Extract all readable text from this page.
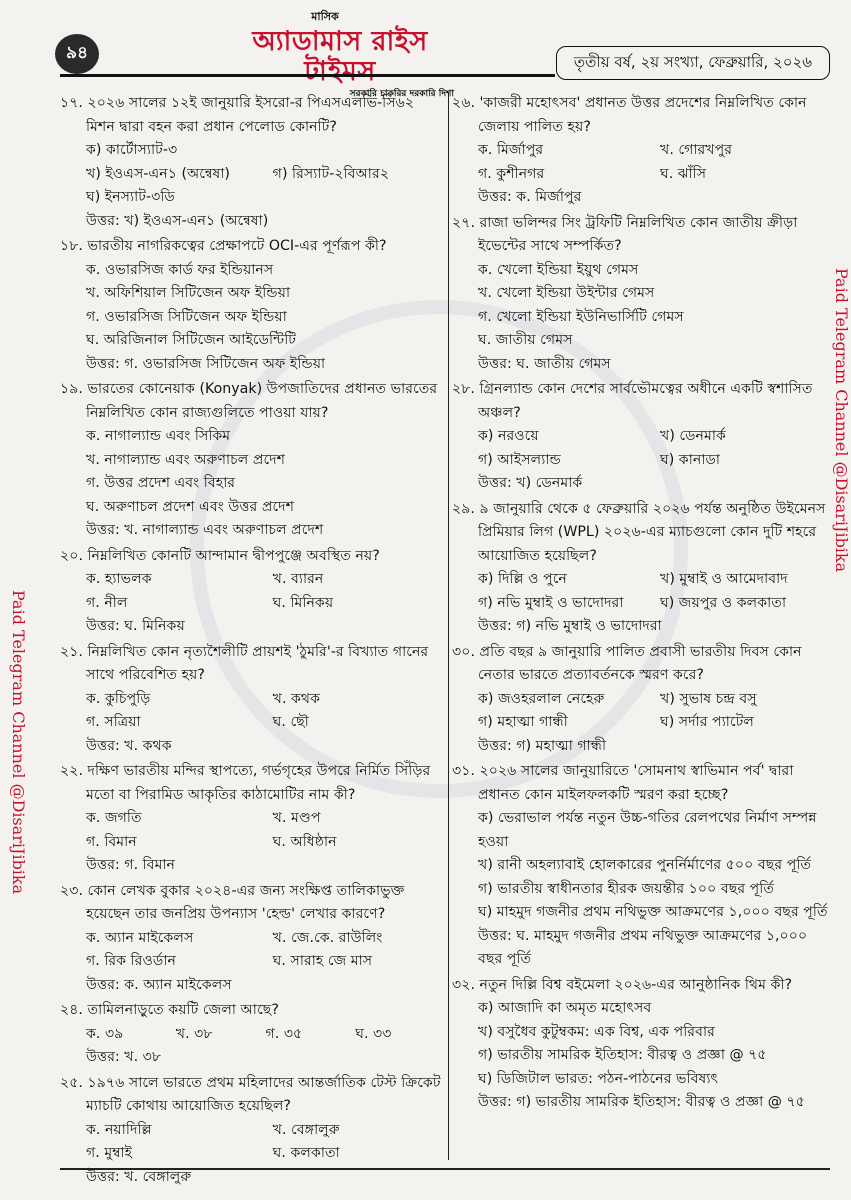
৯৪
মাসিক
অ্যাডামাস রাইস টাইমস
সরকারি চাকরির দরকারি দিশা
তৃতীয় বর্ষ, ২য় সংখ্যা, ফেব্রুয়ারি, ২০২৬
১৭. ২০২৬ সালের ১২ই জানুয়ারি ইসরো-র পিএসএলভি-সি৬২ মিশন দ্বারা বহন করা প্রধান পেলোড কোনটি?
ক) কার্টোস্যাট-৩
খ) ইওএস-এন১ (অন্বেষা)	গ) রিস্যাট-২বিআর২
ঘ) ইনস্যাট-৩ডি
উত্তর: খ) ইওএস-এন১ (অন্বেষা)
১৮. ভারতীয় নাগরিকত্বের প্রেক্ষাপটে OCI-এর পূর্ণরূপ কী?
ক. ওভারসিজ কার্ড ফর ইন্ডিয়ানস
খ. অফিশিয়াল সিটিজেন অফ ইন্ডিয়া
গ. ওভারসিজ সিটিজেন অফ ইন্ডিয়া
ঘ. অরিজিনাল সিটিজেন আইডেন্টিটি
উত্তর: গ. ওভারসিজ সিটিজেন অফ ইন্ডিয়া
১৯. ভারতের কোনেয়াক (Konyak) উপজাতিদের প্রধানত ভারতের নিম্নলিখিত কোন রাজ্যগুলিতে পাওয়া যায়?
ক. নাগাল্যান্ড এবং সিকিম
খ. নাগাল্যান্ড এবং অরুণাচল প্রদেশ
গ. উত্তর প্রদেশ এবং বিহার
ঘ. অরুণাচল প্রদেশ এবং উত্তর প্রদেশ
উত্তর: খ. নাগাল্যান্ড এবং অরুণাচল প্রদেশ
২০. নিম্নলিখিত কোনটি আন্দামান দ্বীপপুঞ্জে অবস্থিত নয়?
ক. হ্যাভলক	খ. ব্যারন
গ. নীল	ঘ. মিনিকয়
উত্তর: ঘ. মিনিকয়
২১. নিম্নলিখিত কোন নৃত্যশৈলীটি প্রায়শই 'ঠুমরি'-র বিখ্যাত গানের সাথে পরিবেশিত হয়?
ক. কুচিপুড়ি	খ. কথক
গ. সত্রিয়া	ঘ. ছৌ
উত্তর: খ. কথক
২২. দক্ষিণ ভারতীয় মন্দির স্থাপত্যে, গর্ভগৃহের উপরে নির্মিত সিঁড়ির মতো বা পিরামিড আকৃতির কাঠামোটির নাম কী?
ক. জগতি	খ. মণ্ডপ
গ. বিমান	ঘ. অধিষ্ঠান
উত্তর: গ. বিমান
২৩. কোন লেখক বুকার ২০২৪-এর জন্য সংক্ষিপ্ত তালিকাভুক্ত হয়েছেন তার জনপ্রিয় উপন্যাস 'হেল্ড' লেখার কারণে?
ক. অ্যান মাইকেলস	খ. জে.কে. রাউলিং
গ. রিক রিওর্ডান	ঘ. সারাহ জে মাস
উত্তর: ক. অ্যান মাইকেলস
২৪. তামিলনাড়ুতে কয়টি জেলা আছে?
ক. ৩৯	খ. ৩৮	গ. ৩৫	ঘ. ৩৩
উত্তর: খ. ৩৮
২৫. ১৯৭৬ সালে ভারতে প্রথম মহিলাদের আন্তর্জাতিক টেস্ট ক্রিকেট ম্যাচটি কোথায় আয়োজিত হয়েছিল?
ক. নয়াদিল্লি	খ. বেঙ্গালুরু
গ. মুম্বাই	ঘ. কলকাতা
উত্তর: খ. বেঙ্গালুরু
২৬. 'কাজরী মহোৎসব' প্রধানত উত্তর প্রদেশের নিম্নলিখিত কোন জেলায় পালিত হয়?
ক. মির্জাপুর	খ. গোরখপুর
গ. কুশীনগর	ঘ. ঝাঁসি
উত্তর: ক. মির্জাপুর
২৭. রাজা ভলিন্দর সিং ট্রফিটি নিম্নলিখিত কোন জাতীয় ক্রীড়া ইভেন্টের সাথে সম্পর্কিত?
ক. খেলো ইন্ডিয়া ইয়ুথ গেমস
খ. খেলো ইন্ডিয়া উইন্টার গেমস
গ. খেলো ইন্ডিয়া ইউনিভার্সিটি গেমস
ঘ. জাতীয় গেমস
উত্তর: ঘ. জাতীয় গেমস
২৮. গ্রিনল্যান্ড কোন দেশের সার্বভৌমত্বের অধীনে একটি স্বশাসিত অঞ্চল?
ক) নরওয়ে	খ) ডেনমার্ক
গ) আইসল্যান্ড	ঘ) কানাডা
উত্তর: খ) ডেনমার্ক
২৯. ৯ জানুয়ারি থেকে ৫ ফেব্রুয়ারি ২০২৬ পর্যন্ত অনুষ্ঠিত উইমেনস প্রিমিয়ার লিগ (WPL) ২০২৬-এর ম্যাচগুলো কোন দুটি শহরে আয়োজিত হয়েছিল?
ক) দিল্লি ও পুনে	খ) মুম্বাই ও আমেদাবাদ
গ) নভি মুম্বাই ও ভাদোদরা	ঘ) জয়পুর ও কলকাতা
উত্তর: গ) নভি মুম্বাই ও ভাদোদরা
৩০. প্রতি বছর ৯ জানুয়ারি পালিত প্রবাসী ভারতীয় দিবস কোন নেতার ভারতে প্রত্যাবর্তনকে স্মরণ করে?
ক) জওহরলাল নেহেরু	খ) সুভাষ চন্দ্র বসু
গ) মহাত্মা গান্ধী	ঘ) সর্দার প্যাটেল
উত্তর: গ) মহাত্মা গান্ধী
৩১. ২০২৬ সালের জানুয়ারিতে 'সোমনাথ স্বাভিমান পর্ব' দ্বারা প্রধানত কোন মাইলফলকটি স্মরণ করা হচ্ছে?
ক) ভেরাভাল পর্যন্ত নতুন উচ্চ-গতির রেলপথের নির্মাণ সম্পন্ন হওয়া
খ) রানী অহল্যাবাই হোলকারের পুনর্নির্মাণের ৫০০ বছর পূর্তি
গ) ভারতীয় স্বাধীনতার হীরক জয়ন্তীর ১০০ বছর পূর্তি
ঘ) মাহমুদ গজনীর প্রথম নথিভুক্ত আক্রমণের ১,০০০ বছর পূর্তি
উত্তর: ঘ. মাহমুদ গজনীর প্রথম নথিভুক্ত আক্রমণের ১,০০০ বছর পূর্তি
৩২. নতুন দিল্লি বিশ্ব বইমেলা ২০২৬-এর আনুষ্ঠানিক থিম কী?
ক) আজাদি কা অমৃত মহোৎসব
খ) বসুধৈব কুটুম্বকম: এক বিশ্ব, এক পরিবার
গ) ভারতীয় সামরিক ইতিহাস: বীরত্ব ও প্রজ্ঞা @ ৭৫
ঘ) ডিজিটাল ভারত: পঠন-পাঠনের ভবিষ্যৎ
উত্তর: গ) ভারতীয় সামরিক ইতিহাস: বীরত্ব ও প্রজ্ঞা @ ৭৫
Paid Telegram Channel @DisariJibika
Paid Telegram Channel @DisariJibika
